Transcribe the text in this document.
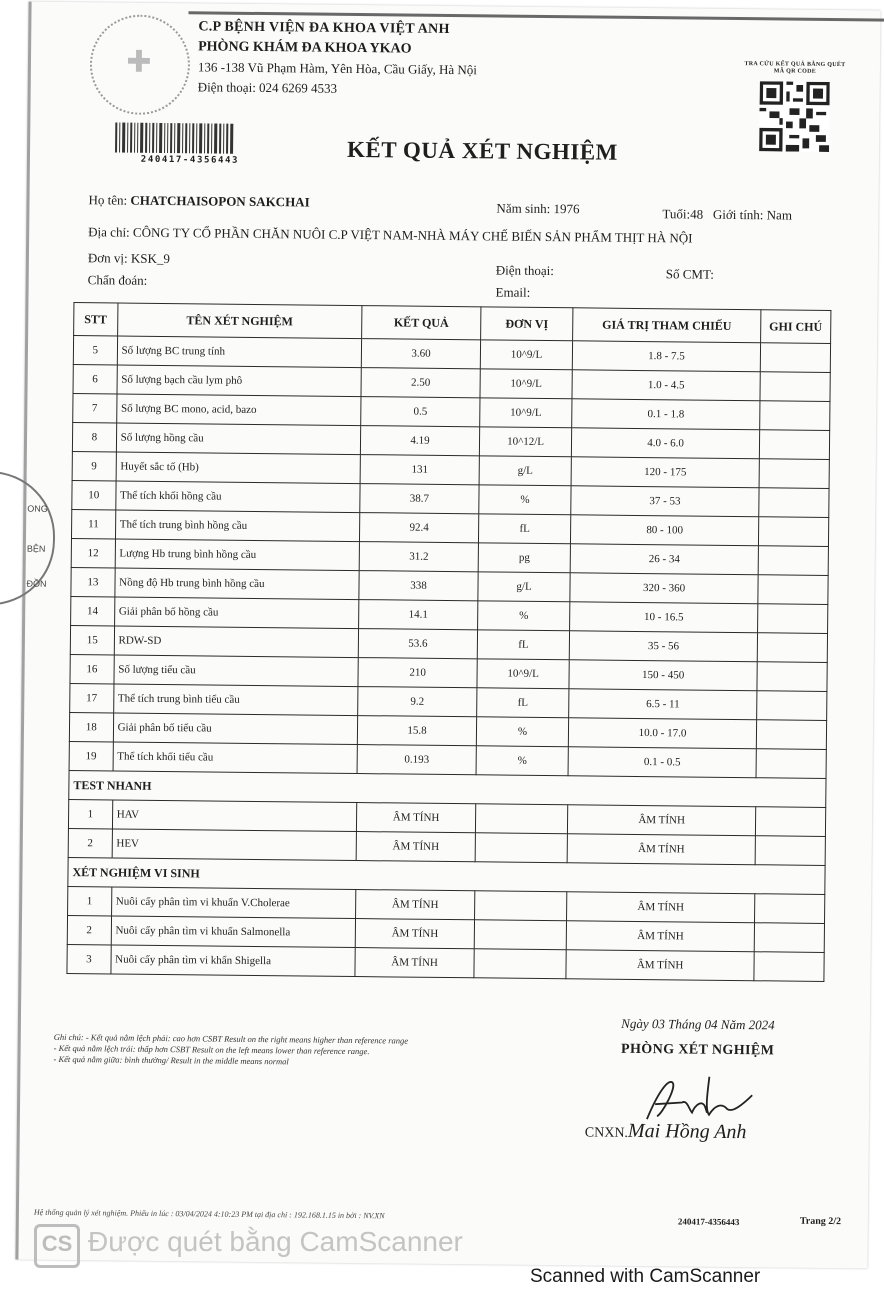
✚
ONG
BỆN
ĐỒN
C.P BỆNH VIỆN ĐA KHOA VIỆT ANH
PHÒNG KHÁM ĐA KHOA YKAO
136 -138 Vũ Phạm Hàm, Yên Hòa, Cầu Giấy, Hà Nội
Điện thoại: 024 6269 4533
TRA CỨU KẾT QUẢ BẰNG QUÉT MÃ QR CODE
240417-4356443	KẾT QUẢ XÉT NGHIỆM
Họ tên: CHATCHAISOPON SAKCHAI	Năm sinh: 1976	Tuổi:48 Giới tính: Nam
Địa chỉ: CÔNG TY CỔ PHẦN CHĂN NUÔI C.P VIỆT NAM-NHÀ MÁY CHẾ BIẾN SẢN PHẨM THỊT HÀ NỘI
Đơn vị: KSK_9
Điện thoại:	Số CMT:
Chẩn đoán:
Email:
STT	TÊN XÉT NGHIỆM	KẾT QUẢ	ĐƠN VỊ	GIÁ TRỊ THAM CHIẾU	GHI CHÚ
5	Số lượng BC trung tính	3.60	10^9/L	1.8 - 7.5	
6	Số lượng bạch cầu lym phô	2.50	10^9/L	1.0 - 4.5	
7	Số lượng BC mono, acid, bazo	0.5	10^9/L	0.1 - 1.8	
8	Số lượng hồng cầu	4.19	10^12/L	4.0 - 6.0	
9	Huyết sắc tố (Hb)	131	g/L	120 - 175	
10	Thể tích khối hồng cầu	38.7	%	37 - 53	
11	Thể tích trung bình hồng cầu	92.4	fL	80 - 100	
12	Lượng Hb trung bình hồng cầu	31.2	pg	26 - 34	
13	Nồng độ Hb trung bình hồng cầu	338	g/L	320 - 360	
14	Giải phân bố hồng cầu	14.1	%	10 - 16.5	
15	RDW-SD	53.6	fL	35 - 56	
16	Số lượng tiểu cầu	210	10^9/L	150 - 450	
17	Thể tích trung bình tiểu cầu	9.2	fL	6.5 - 11	
18	Giải phân bố tiểu cầu	15.8	%	10.0 - 17.0	
19	Thể tích khối tiểu cầu	0.193	%	0.1 - 0.5	
TEST NHANH					
1	HAV	ÂM TÍNH		ÂM TÍNH	
2	HEV	ÂM TÍNH		ÂM TÍNH	
XÉT NGHIỆM VI SINH					
1	Nuôi cấy phân tìm vi khuẩn V.Cholerae	ÂM TÍNH		ÂM TÍNH	
2	Nuôi cấy phân tìm vi khuẩn Salmonella	ÂM TÍNH		ÂM TÍNH	
3	Nuôi cấy phân tìm vi khẩn Shigella	ÂM TÍNH		ÂM TÍNH	
Ghi chú: - Kết quả nằm lệch phải: cao hơn CSBT Result on the right means higher than reference range
- Kết quả nằm lệch trái: thấp hơn CSBT Result on the left means lower than reference range.
- Kết quả nằm giữa: bình thường/ Result in the middle means normal
Ngày 03 Tháng 04 Năm 2024
PHÒNG XÉT NGHIỆM
CNXN.Mai Hồng Anh
Hệ thống quản lý xét nghiệm. Phiếu in lúc : 03/04/2024 4:10:23 PM tại địa chỉ : 192.168.1.15 in bởi : NV.XN
240417-4356443	Trang 2/2
CS Được quét bằng CamScanner
Scanned with CamScanner
